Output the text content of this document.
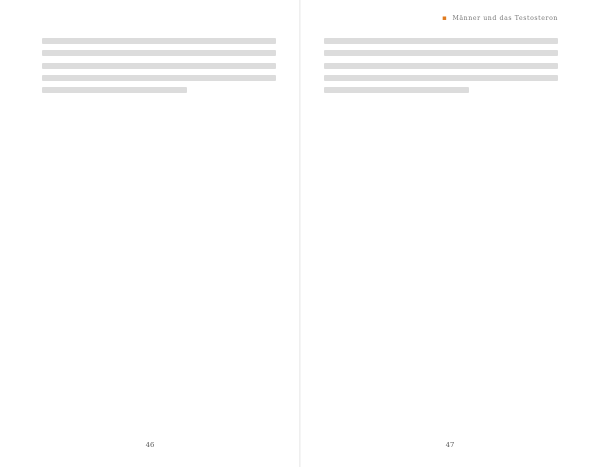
46
▪ Männer und das Testosteron
47
